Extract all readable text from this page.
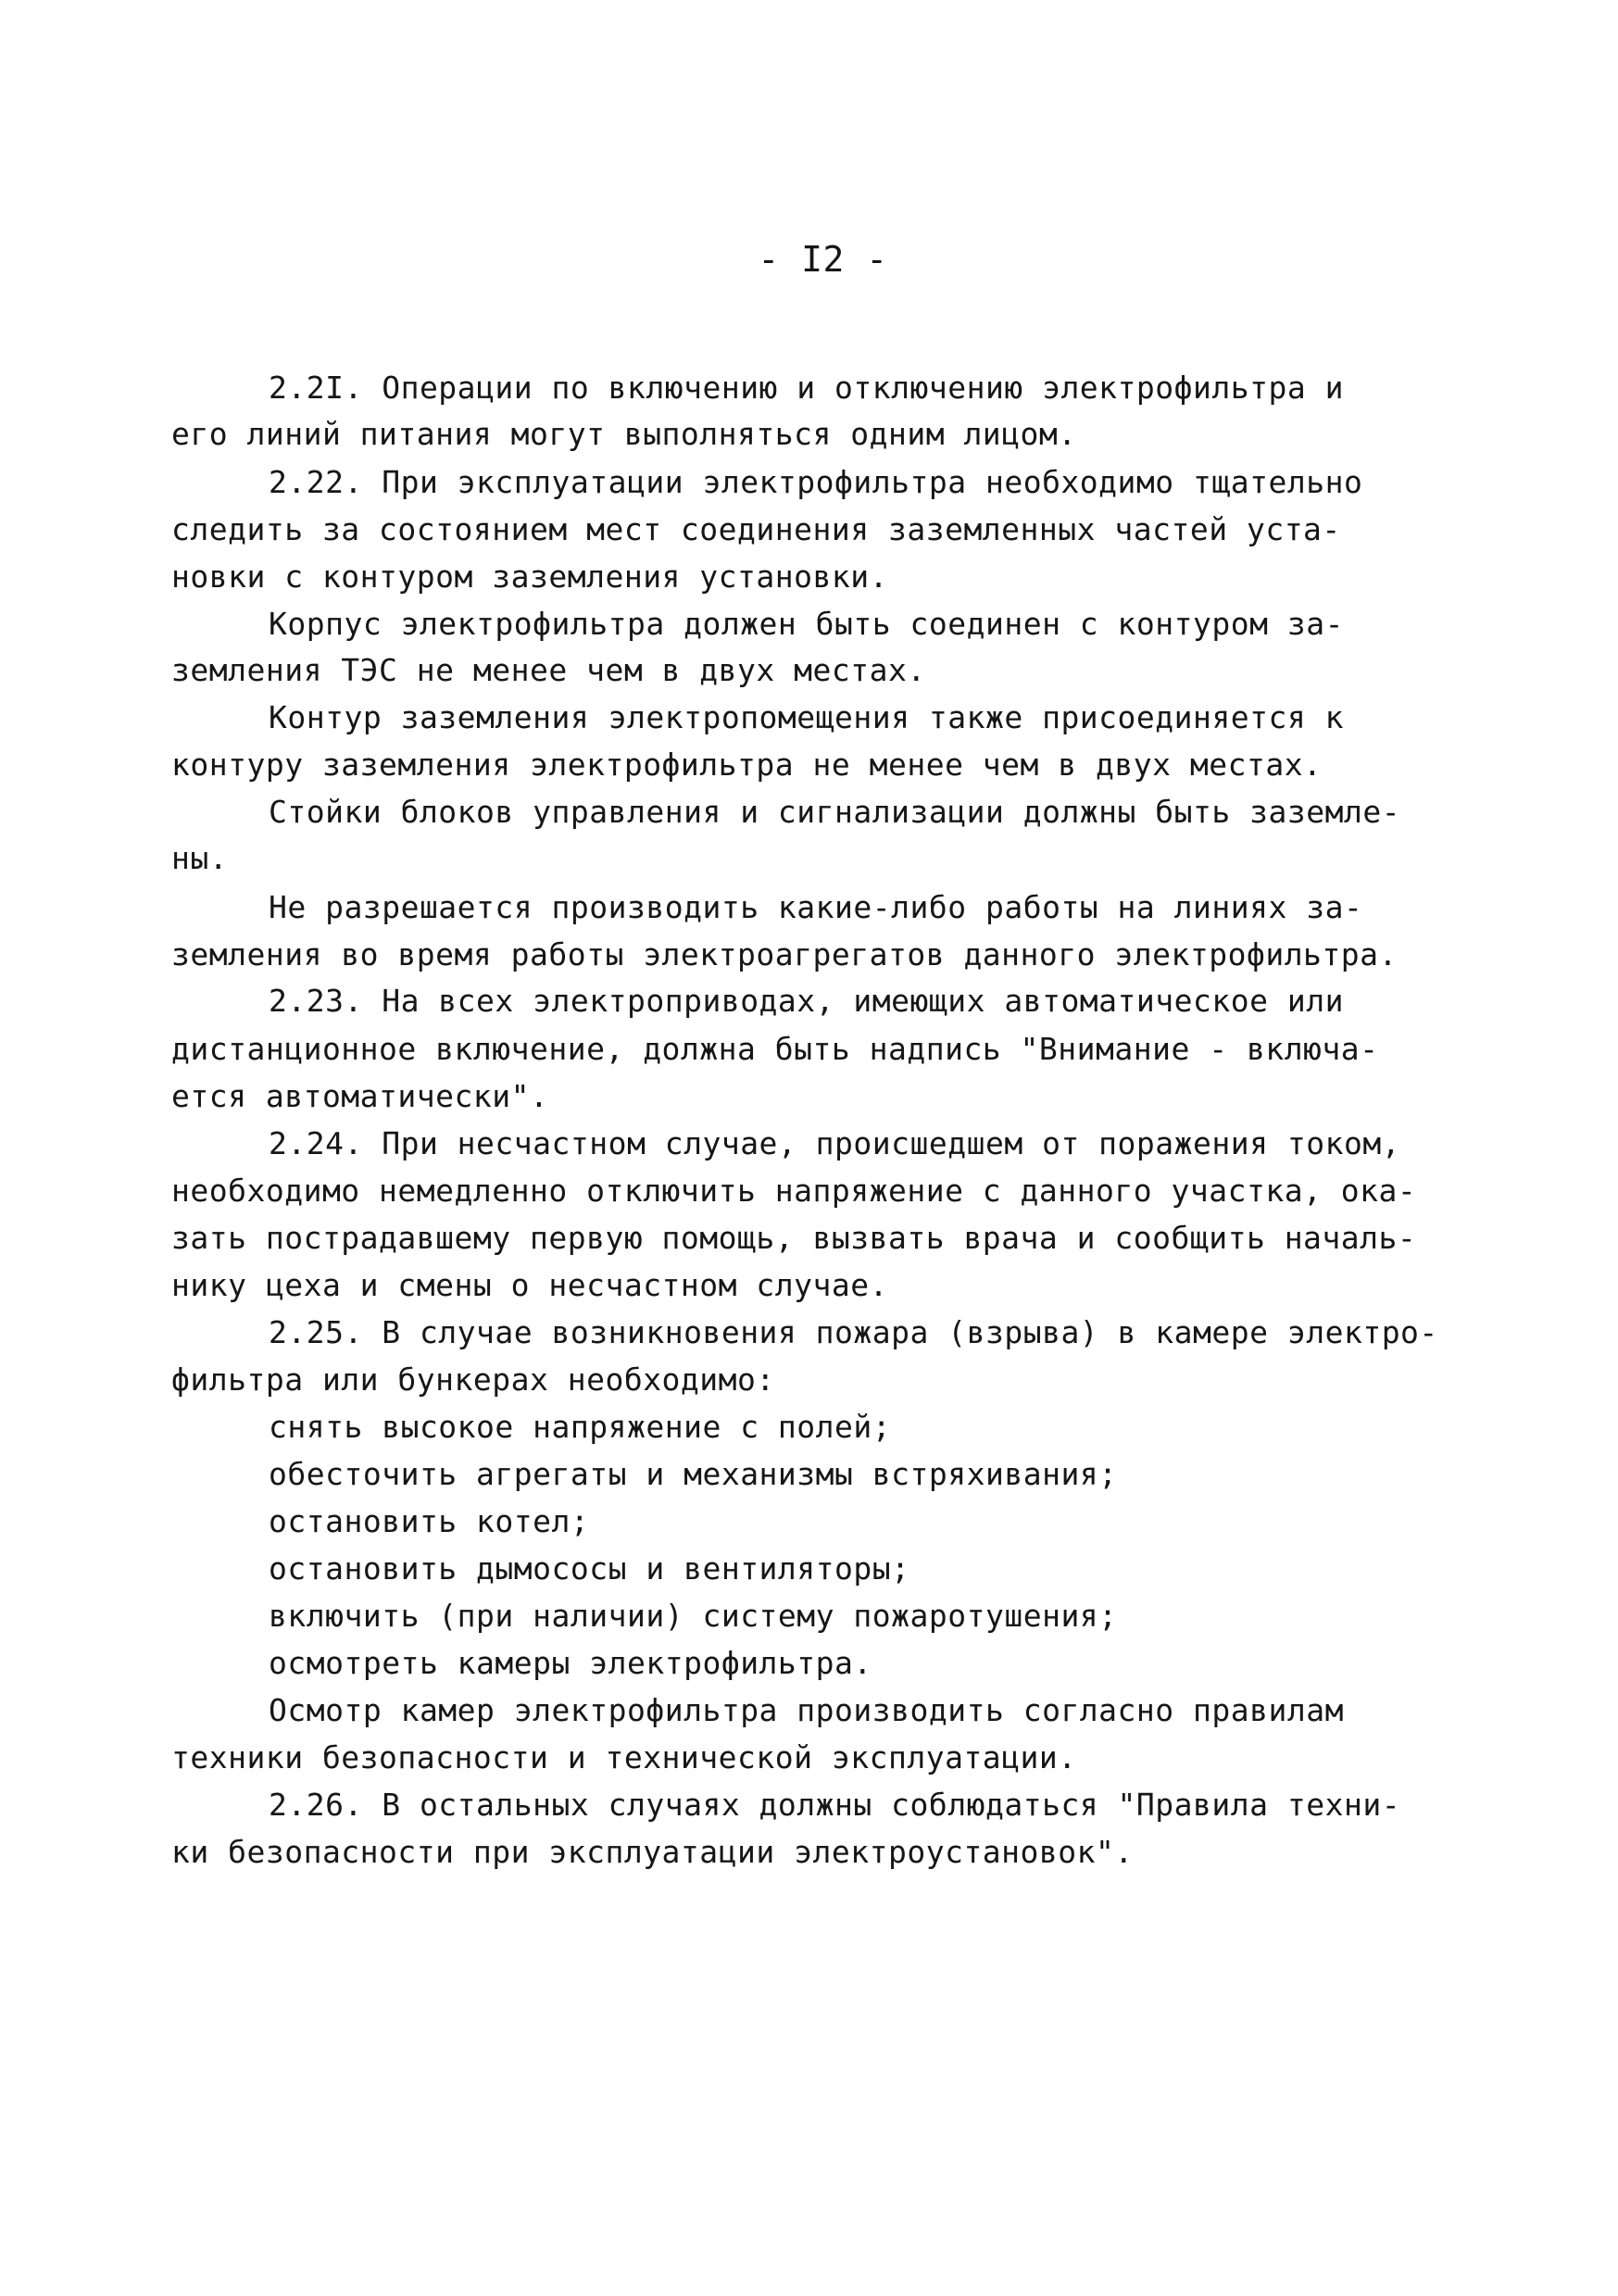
- I2 -
2.2I. Операции по включению и отключению электрофильтра и
его линий питания могут выполняться одним лицом.
2.22. При эксплуатации электрофильтра необходимо тщательно
следить за состоянием мест соединения заземленных частей уста-
новки с контуром заземления установки.
Корпус электрофильтра должен быть соединен с контуром за-
земления ТЭС не менее чем в двух местах.
Контур заземления электропомещения также присоединяется к
контуру заземления электрофильтра не менее чем в двух местах.
Стойки блоков управления и сигнализации должны быть заземле-
ны.
Не разрешается производить какие-либо работы на линиях за-
земления во время работы электроагрегатов данного электрофильтра.
2.23. На всех электроприводах, имеющих автоматическое или
дистанционное включение, должна быть надпись "Внимание - включа-
ется автоматически".
2.24. При несчастном случае, происшедшем от поражения током,
необходимо немедленно отключить напряжение с данного участка, ока-
зать пострадавшему первую помощь, вызвать врача и сообщить началь-
нику цеха и смены о несчастном случае.
2.25. В случае возникновения пожара (взрыва) в камере электро-
фильтра или бункерах необходимо:
снять высокое напряжение с полей;
обесточить агрегаты и механизмы встряхивания;
остановить котел;
остановить дымососы и вентиляторы;
включить (при наличии) систему пожаротушения;
осмотреть камеры электрофильтра.
Осмотр камер электрофильтра производить согласно правилам
техники безопасности и технической эксплуатации.
2.26. В остальных случаях должны соблюдаться "Правила техни-
ки безопасности при эксплуатации электроустановок".
